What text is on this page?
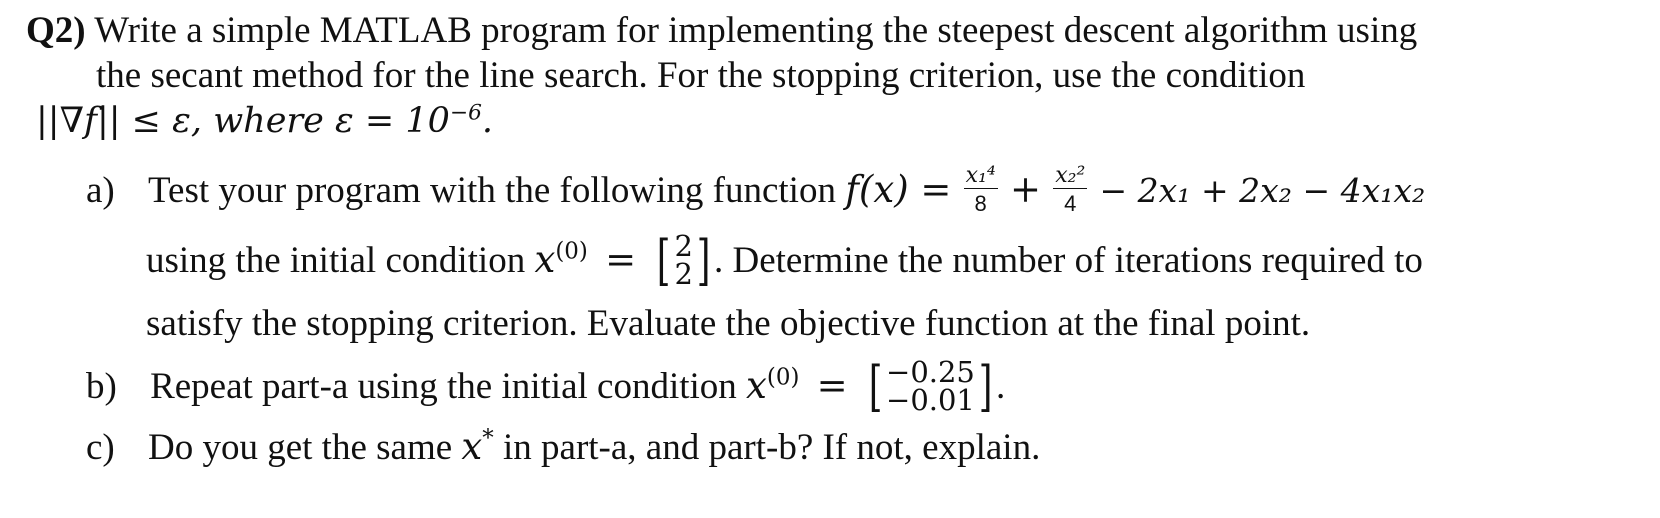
Q2) Write a simple MATLAB program for implementing the steepest descent algorithm using
the secant method for the line search. For the stopping criterion, use the condition
||∇f|| ≤ ε, where $\varepsilon = 10^{-6}$.
a) Test your program with the following function $f(x) = \frac{\text{x₁⁴}}{8} + \frac{\text{x₂²}}{4} - 2x_1 + 2x_2 - 4x_1x_2$
using the initial condition $x^{(0)}$ = [ 2
2 ] . Determine the number of iterations required to
satisfy the stopping criterion. Evaluate the objective function at the final point.
b) Repeat part-a using the initial condition $x^{(0)}$ = [ −0.25
−0.01 ] .
c) Do you get the same x* in part-a, and part-b? If not, explain.
